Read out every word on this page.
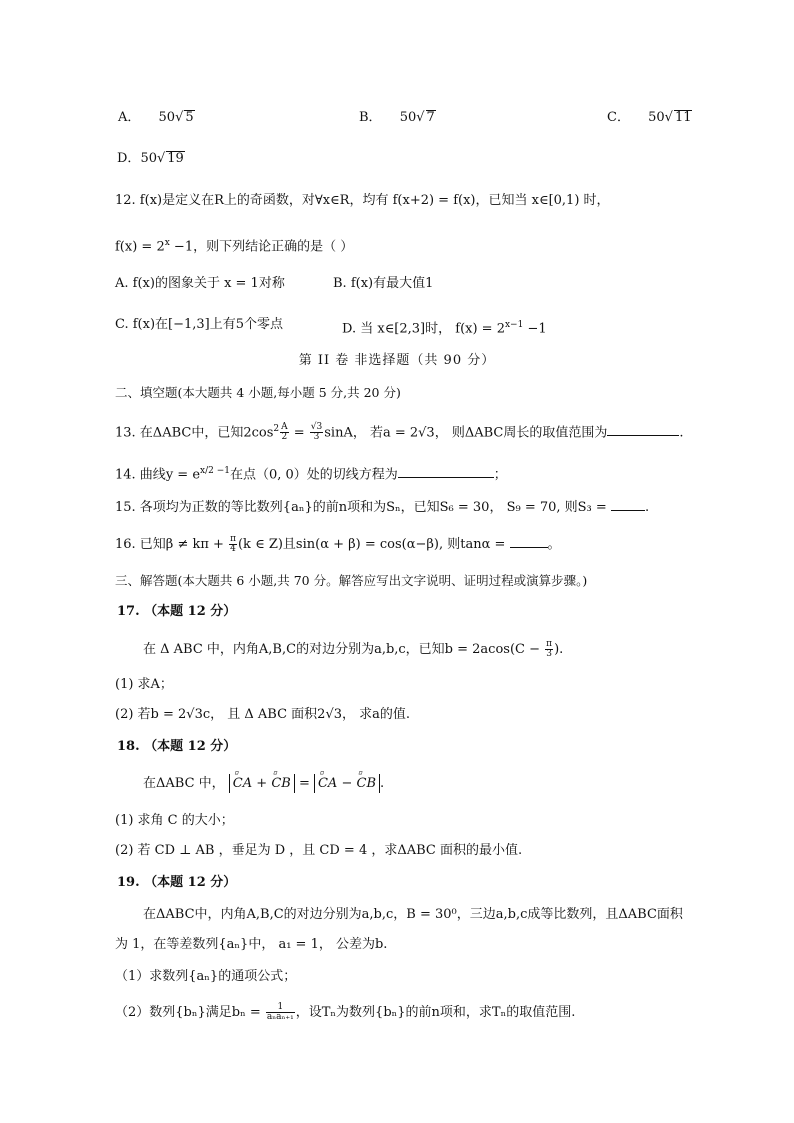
A． 50√ 5	B． 50√ 7	C． 50√ 11
D．50√ 19
12. f(x)是定义在R上的奇函数，对∀x∈R，均有 f(x+2) = f(x)，已知当 x∈[0,1) 时，
$f(x) = 2^x -1$，则下列结论正确的是（ ）
A. f(x)的图象关于 x = 1对称	B. f(x)有最大值1
C. f(x)在[−1,3]上有5个零点	D. 当 x∈[2,3]时， $f(x) = 2^{x-1} -1$
第 II 卷 非选择题（共 90 分）
二、填空题(本大题共 4 小题,每小题 5 分,共 20 分)
13. 在ΔABC中，已知$2\cos^2 \frac{A}{2} = \frac{√3}{3}$ sinA， 若a = 2√3， 则ΔABC周长的取值范围为	.
14. 曲线$y = e^{x/2 -1}$在点（0, 0）处的切线方程为	；
15. 各项均为正数的等比数列{aₙ}的前n项和为Sₙ，已知S₆ = 30， S₉ = 70, 则S₃ =	.
16. 已知$\beta \ne k\pi + \frac{\pi}{4} (k$ ∈ Z)且sin(α + β) = cos(α−β), 则tanα =	。
三、解答题(本大题共 6 小题,共 70 分。解答应写出文字说明、证明过程或演算步骤。)
17. （本题 12 分）
在 Δ ABC 中，内角A,B,C的对边分别为a,b,c，已知$b = 2acos(C - \frac{\pi}{3}$ ).
(1) 求A；
(2) 若b = 2√3c， 且 Δ ABC 面积2√3， 求a的值.
18. （本题 12 分）
在ΔABC 中， ⸋ CA + ⸋ CB = ⸋ CA − ⸋ CB .
(1) 求角 C 的大小；
(2) 若 CD ⊥ AB ，垂足为 D ，且 CD = 4 ，求ΔABC 面积的最小值.
19. （本题 12 分）
在ΔABC中，内角A,B,C的对边分别为a,b,c，B = 30⁰，三边a,b,c成等比数列，且ΔABC面积
为 1，在等差数列{aₙ}中， a₁ = 1， 公差为b.
（1）求数列{aₙ}的通项公式；
（2）数列{bₙ}满足$b_n = \frac{1}{\text{aₙaₙ₊₁}}$ ，设Tₙ为数列{bₙ}的前n项和，求Tₙ的取值范围.
